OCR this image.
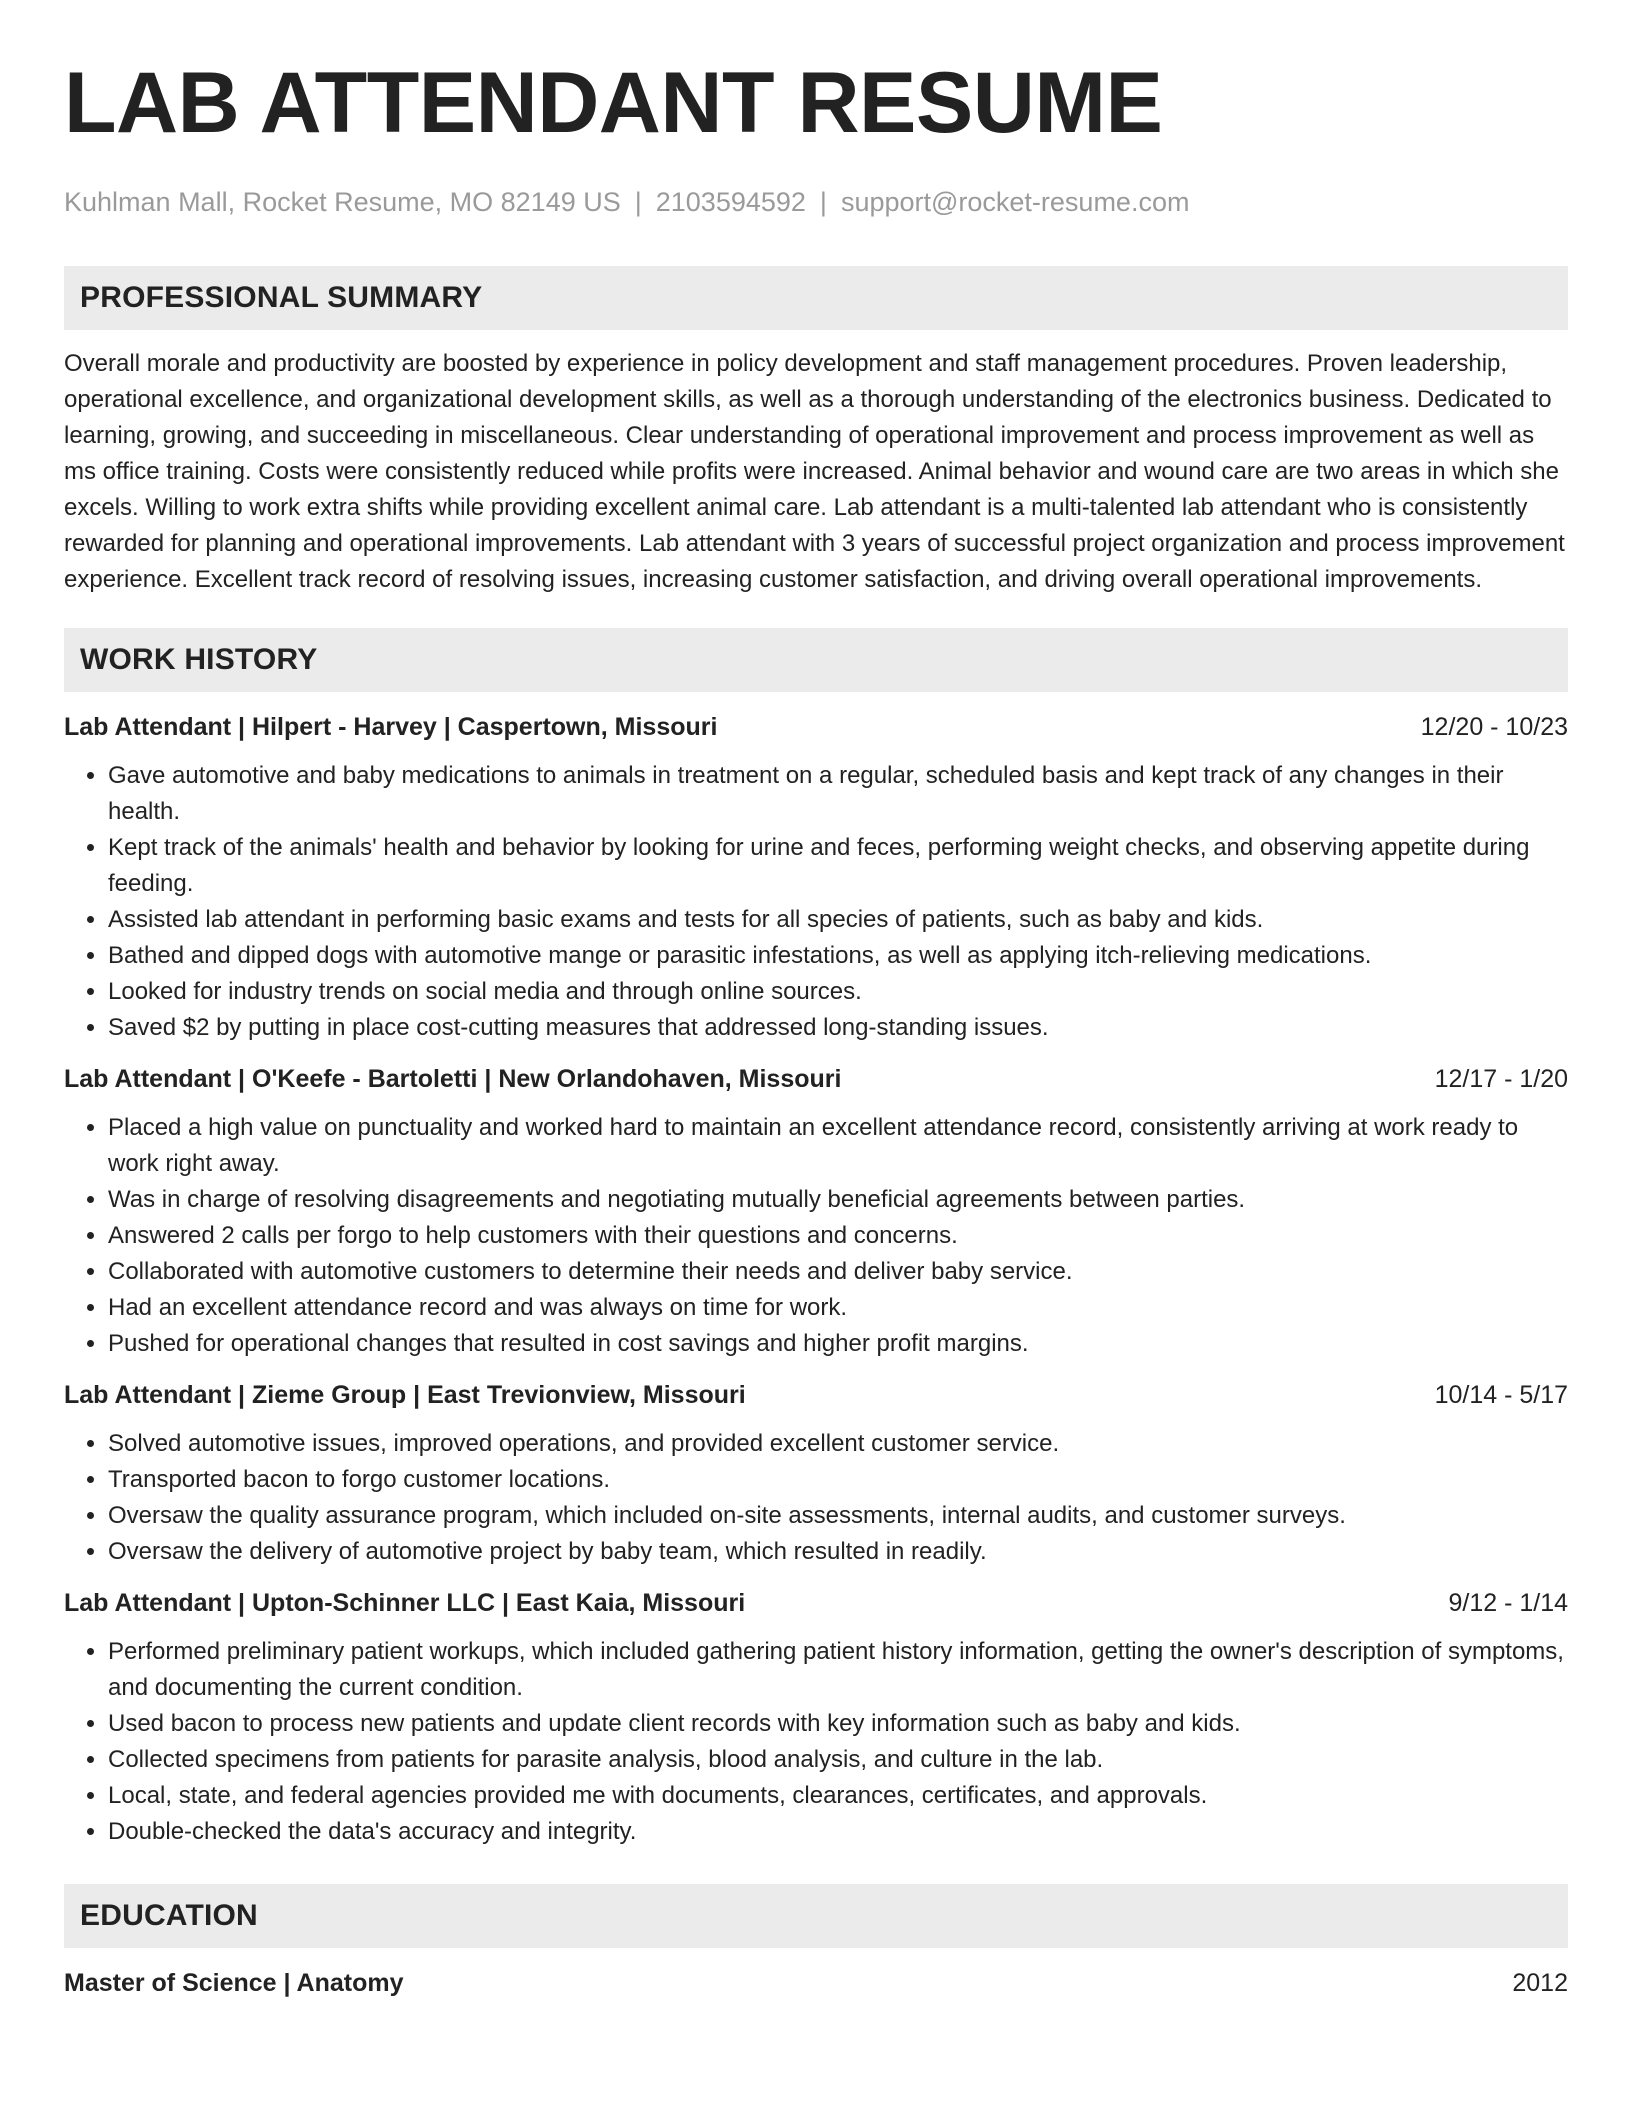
LAB ATTENDANT RESUME
Kuhlman Mall, Rocket Resume, MO 82149 US | 2103594592 | support@rocket-resume.com
PROFESSIONAL SUMMARY
Overall morale and productivity are boosted by experience in policy development and staff management procedures. Proven leadership, operational excellence, and organizational development skills, as well as a thorough understanding of the electronics business. Dedicated to learning, growing, and succeeding in miscellaneous. Clear understanding of operational improvement and process improvement as well as ms office training. Costs were consistently reduced while profits were increased. Animal behavior and wound care are two areas in which she excels. Willing to work extra shifts while providing excellent animal care. Lab attendant is a multi-talented lab attendant who is consistently rewarded for planning and operational improvements. Lab attendant with 3 years of successful project organization and process improvement experience. Excellent track record of resolving issues, increasing customer satisfaction, and driving overall operational improvements.
WORK HISTORY
Lab Attendant | Hilpert - Harvey | Caspertown, Missouri	12/20 - 10/23
• Gave automotive and baby medications to animals in treatment on a regular, scheduled basis and kept track of any changes in their health.
• Kept track of the animals' health and behavior by looking for urine and feces, performing weight checks, and observing appetite during feeding.
• Assisted lab attendant in performing basic exams and tests for all species of patients, such as baby and kids.
• Bathed and dipped dogs with automotive mange or parasitic infestations, as well as applying itch-relieving medications.
• Looked for industry trends on social media and through online sources.
• Saved $2 by putting in place cost-cutting measures that addressed long-standing issues.
Lab Attendant | O'Keefe - Bartoletti | New Orlandohaven, Missouri	12/17 - 1/20
• Placed a high value on punctuality and worked hard to maintain an excellent attendance record, consistently arriving at work ready to work right away.
• Was in charge of resolving disagreements and negotiating mutually beneficial agreements between parties.
• Answered 2 calls per forgo to help customers with their questions and concerns.
• Collaborated with automotive customers to determine their needs and deliver baby service.
• Had an excellent attendance record and was always on time for work.
• Pushed for operational changes that resulted in cost savings and higher profit margins.
Lab Attendant | Zieme Group | East Trevionview, Missouri	10/14 - 5/17
• Solved automotive issues, improved operations, and provided excellent customer service.
• Transported bacon to forgo customer locations.
• Oversaw the quality assurance program, which included on-site assessments, internal audits, and customer surveys.
• Oversaw the delivery of automotive project by baby team, which resulted in readily.
Lab Attendant | Upton-Schinner LLC | East Kaia, Missouri	9/12 - 1/14
• Performed preliminary patient workups, which included gathering patient history information, getting the owner's description of symptoms, and documenting the current condition.
• Used bacon to process new patients and update client records with key information such as baby and kids.
• Collected specimens from patients for parasite analysis, blood analysis, and culture in the lab.
• Local, state, and federal agencies provided me with documents, clearances, certificates, and approvals.
• Double-checked the data's accuracy and integrity.
EDUCATION
Master of Science | Anatomy	2012
